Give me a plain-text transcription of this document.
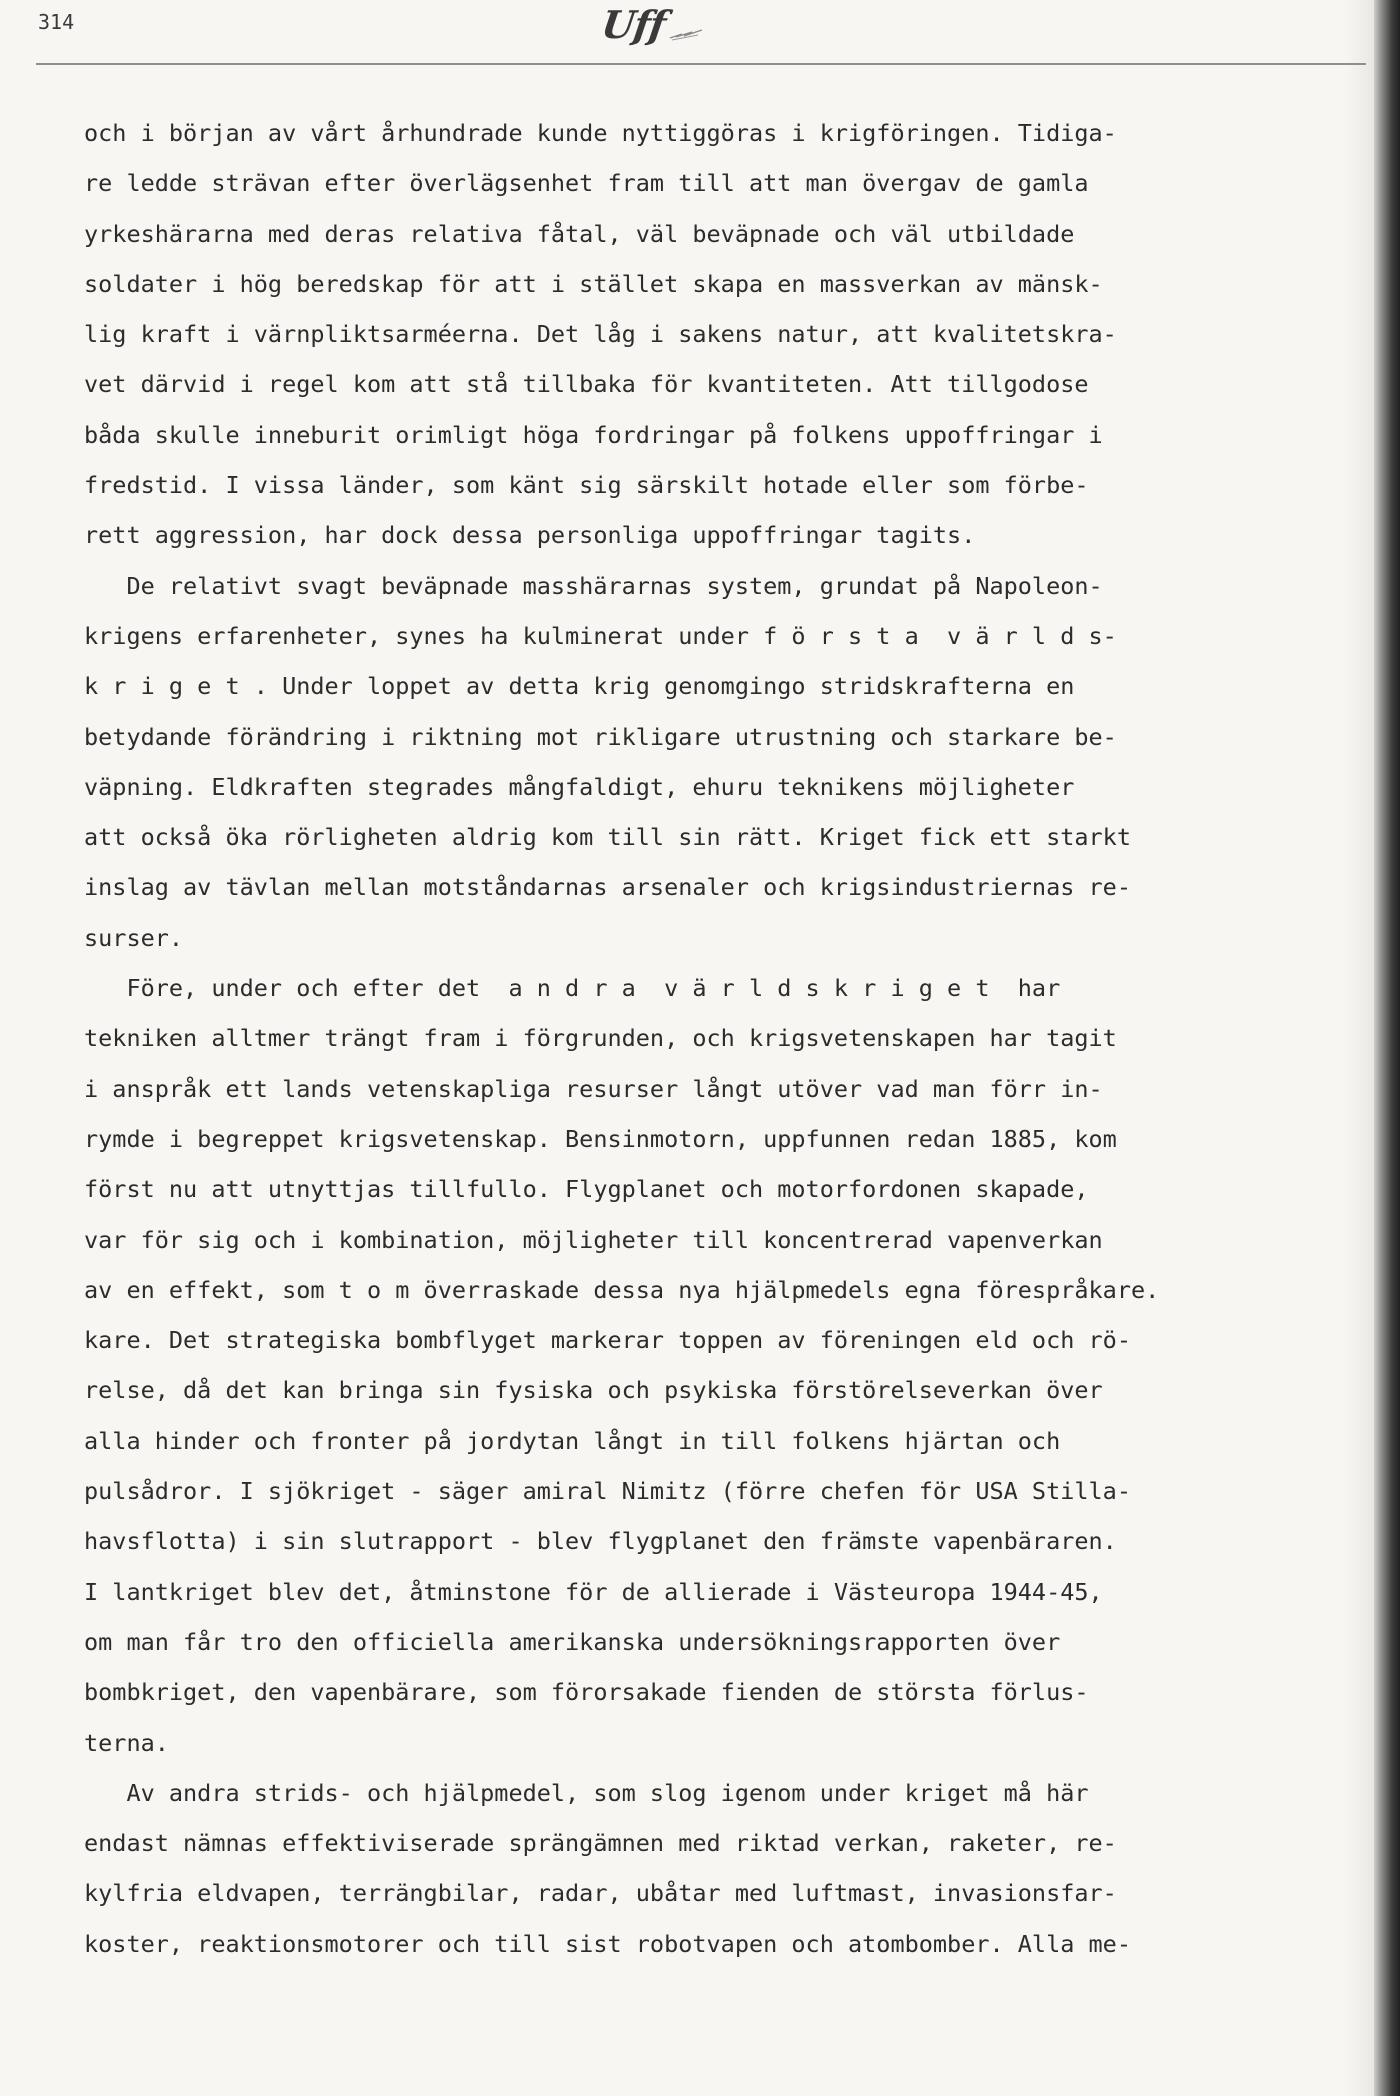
314	Uff
och i början av vårt århundrade kunde nyttiggöras i krigföringen. Tidiga-
re ledde strävan efter överlägsenhet fram till att man övergav de gamla
yrkeshärarna med deras relativa fåtal, väl beväpnade och väl utbildade
soldater i hög beredskap för att i stället skapa en massverkan av mänsk-
lig kraft i värnpliktsarméerna. Det låg i sakens natur, att kvalitetskra-
vet därvid i regel kom att stå tillbaka för kvantiteten. Att tillgodose
båda skulle inneburit orimligt höga fordringar på folkens uppoffringar i
fredstid. I vissa länder, som känt sig särskilt hotade eller som förbe-
rett aggression, har dock dessa personliga uppoffringar tagits.
De relativt svagt beväpnade masshärarnas system, grundat på Napoleon-
krigens erfarenheter, synes ha kulminerat under f ö r s t a  v ä r l d s-
k r i g e t . Under loppet av detta krig genomgingo stridskrafterna en
betydande förändring i riktning mot rikligare utrustning och starkare be-
väpning. Eldkraften stegrades mångfaldigt, ehuru teknikens möjligheter
att också öka rörligheten aldrig kom till sin rätt. Kriget fick ett starkt
inslag av tävlan mellan motståndarnas arsenaler och krigsindustriernas re-
surser.
Före, under och efter det  a n d r a  v ä r l d s k r i g e t  har
tekniken alltmer trängt fram i förgrunden, och krigsvetenskapen har tagit
i anspråk ett lands vetenskapliga resurser långt utöver vad man förr in-
rymde i begreppet krigsvetenskap. Bensinmotorn, uppfunnen redan 1885, kom
först nu att utnyttjas tillfullo. Flygplanet och motorfordonen skapade,
var för sig och i kombination, möjligheter till koncentrerad vapenverkan
av en effekt, som t o m överraskade dessa nya hjälpmedels egna förespråkare.
kare. Det strategiska bombflyget markerar toppen av föreningen eld och rö-
relse, då det kan bringa sin fysiska och psykiska förstörelseverkan över
alla hinder och fronter på jordytan långt in till folkens hjärtan och
pulsådror. I sjökriget - säger amiral Nimitz (förre chefen för USA Stilla-
havsflotta) i sin slutrapport - blev flygplanet den främste vapenbäraren.
I lantkriget blev det, åtminstone för de allierade i Västeuropa 1944-45,
om man får tro den officiella amerikanska undersökningsrapporten över
bombkriget, den vapenbärare, som förorsakade fienden de största förlus-
terna.
Av andra strids- och hjälpmedel, som slog igenom under kriget må här
endast nämnas effektiviserade sprängämnen med riktad verkan, raketer, re-
kylfria eldvapen, terrängbilar, radar, ubåtar med luftmast, invasionsfar-
koster, reaktionsmotorer och till sist robotvapen och atombomber. Alla me-
